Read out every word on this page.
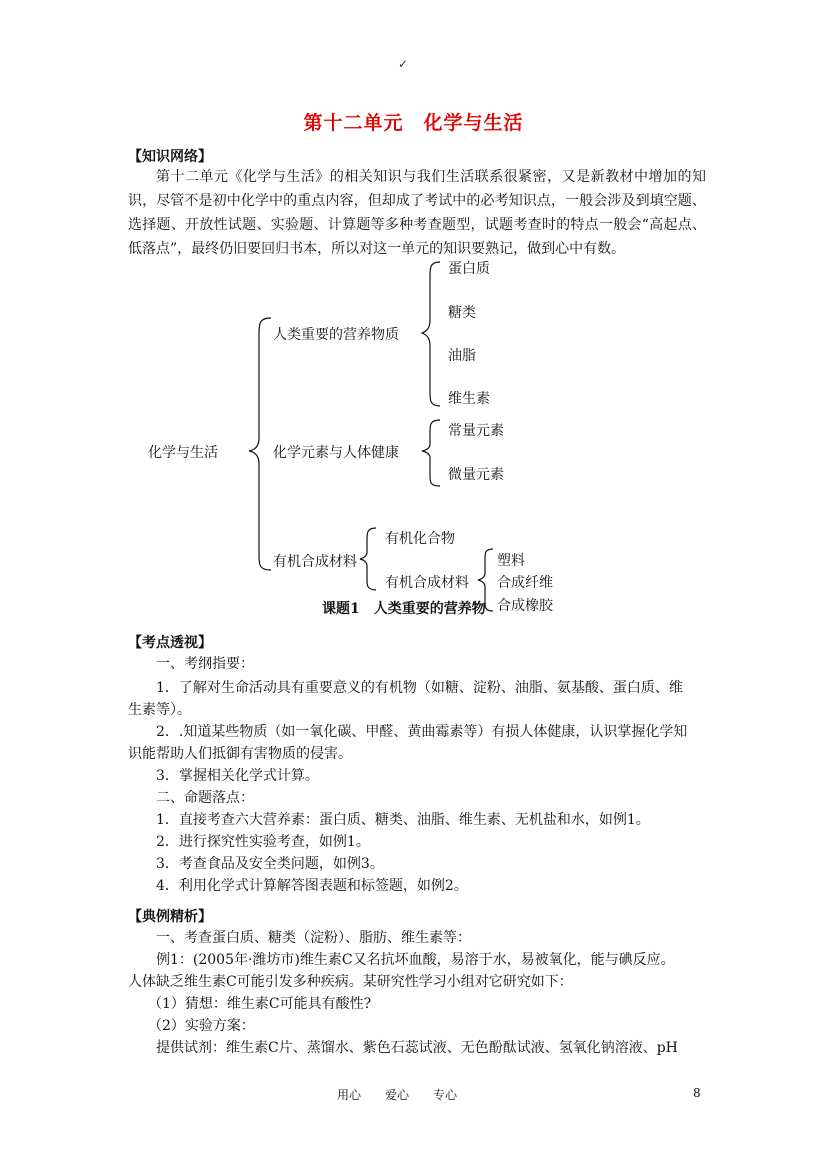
✓
第十二单元　化学与生活
【知识网络】
第十二单元《化学与生活》的相关知识与我们生活联系很紧密，又是新教材中增加的知识，尽管不是初中化学中的重点内容，但却成了考试中的必考知识点，一般会涉及到填空题、选择题、开放性试题、实验题、计算题等多种考查题型，试题考查时的特点一般会“高起点、低落点”，最终仍旧要回归书本，所以对这一单元的知识要熟记，做到心中有数。
化学与生活
人类重要的营养物质
蛋白质
糖类
油脂
维生素
化学元素与人体健康
常量元素
微量元素
有机合成材料
有机化合物
有机合成材料
塑料
合成纤维
合成橡胶
课题1　人类重要的营养物
【考点透视】
一、考纲指要：
1．了解对生命活动具有重要意义的有机物（如糖、淀粉、油脂、氨基酸、蛋白质、维
生素等）。
2．.知道某些物质（如一氧化碳、甲醛、黄曲霉素等）有损人体健康，认识掌握化学知
识能帮助人们抵御有害物质的侵害。
3．掌握相关化学式计算。
二、命题落点：
1．直接考查六大营养素：蛋白质、糖类、油脂、维生素、无机盐和水，如例1。
2．进行探究性实验考查，如例1。
3．考查食品及安全类问题，如例3。
4．利用化学式计算解答图表题和标签题，如例2。
【典例精析】
一、考查蛋白质、糖类（淀粉）、脂肪、维生素等：
例1：(2005年·潍坊市)维生素C又名抗坏血酸，易溶于水，易被氧化，能与碘反应。
人体缺乏维生素C可能引发多种疾病。某研究性学习小组对它研究如下：
（1）猜想：维生素C可能具有酸性?
（2）实验方案：
提供试剂：维生素C片、蒸馏水、紫色石蕊试液、无色酚酞试液、氢氧化钠溶液、pH
用心　　爱心　　专心	8
